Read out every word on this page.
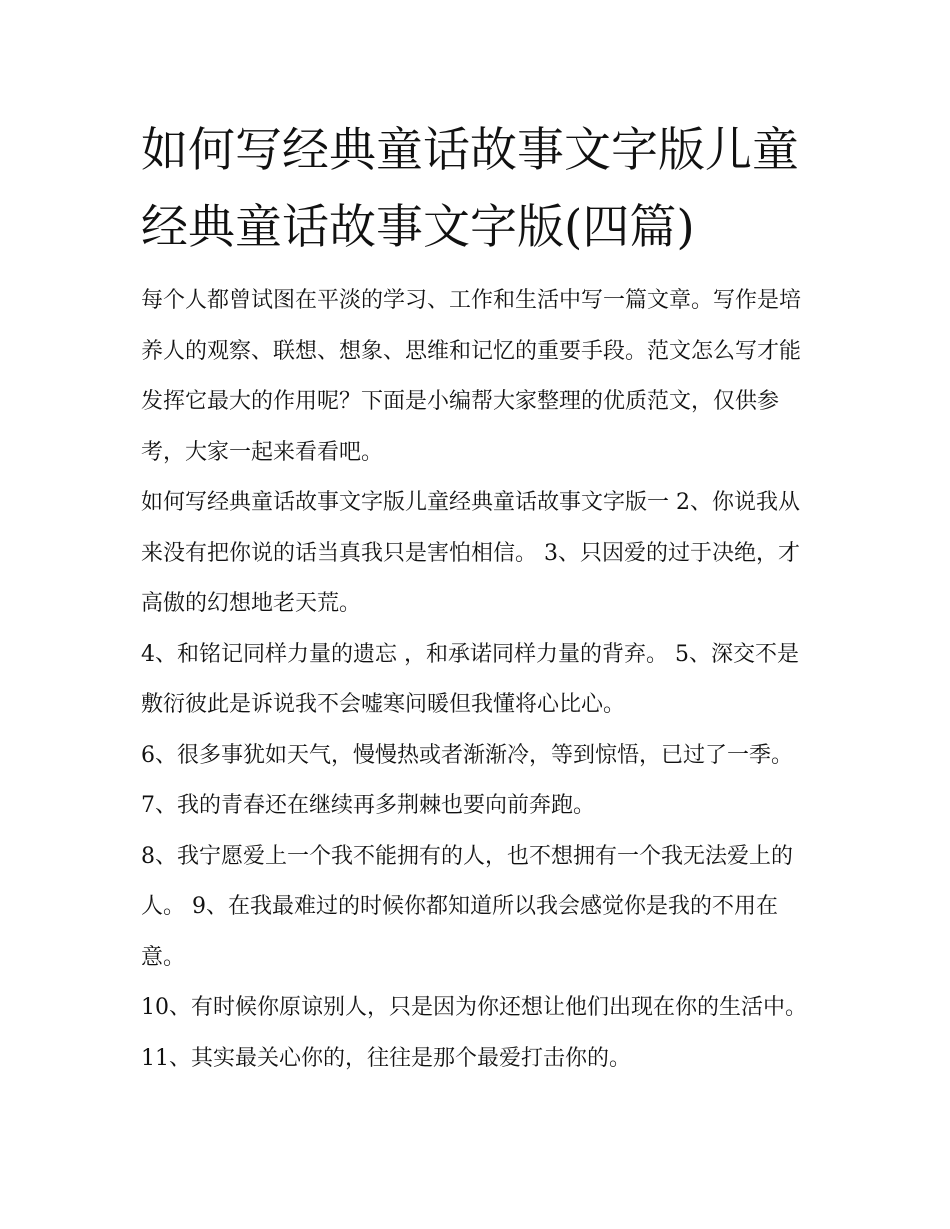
如何写经典童话故事文字版儿童经典童话故事文字版(四篇)

每个人都曾试图在平淡的学习、工作和生活中写一篇文章。写作是培养人的观察、联想、想象、思维和记忆的重要手段。范文怎么写才能发挥它最大的作用呢？下面是小编帮大家整理的优质范文，仅供参考，大家一起来看看吧。

如何写经典童话故事文字版儿童经典童话故事文字版一 2、你说我从来没有把你说的话当真我只是害怕相信。 3、只因爱的过于决绝，才高傲的幻想地老天荒。

4、和铭记同样力量的遗忘 ，和承诺同样力量的背弃。 5、深交不是敷衍彼此是诉说我不会嘘寒问暖但我懂将心比心。

6、很多事犹如天气，慢慢热或者渐渐冷，等到惊悟，已过了一季。 7、我的青春还在继续再多荆棘也要向前奔跑。

8、我宁愿爱上一个我不能拥有的人，也不想拥有一个我无法爱上的人。 9、在我最难过的时候你都知道所以我会感觉你是我的不用在意。

10、有时候你原谅别人，只是因为你还想让他们出现在你的生活中。 11、其实最关心你的，往往是那个最爱打击你的。
